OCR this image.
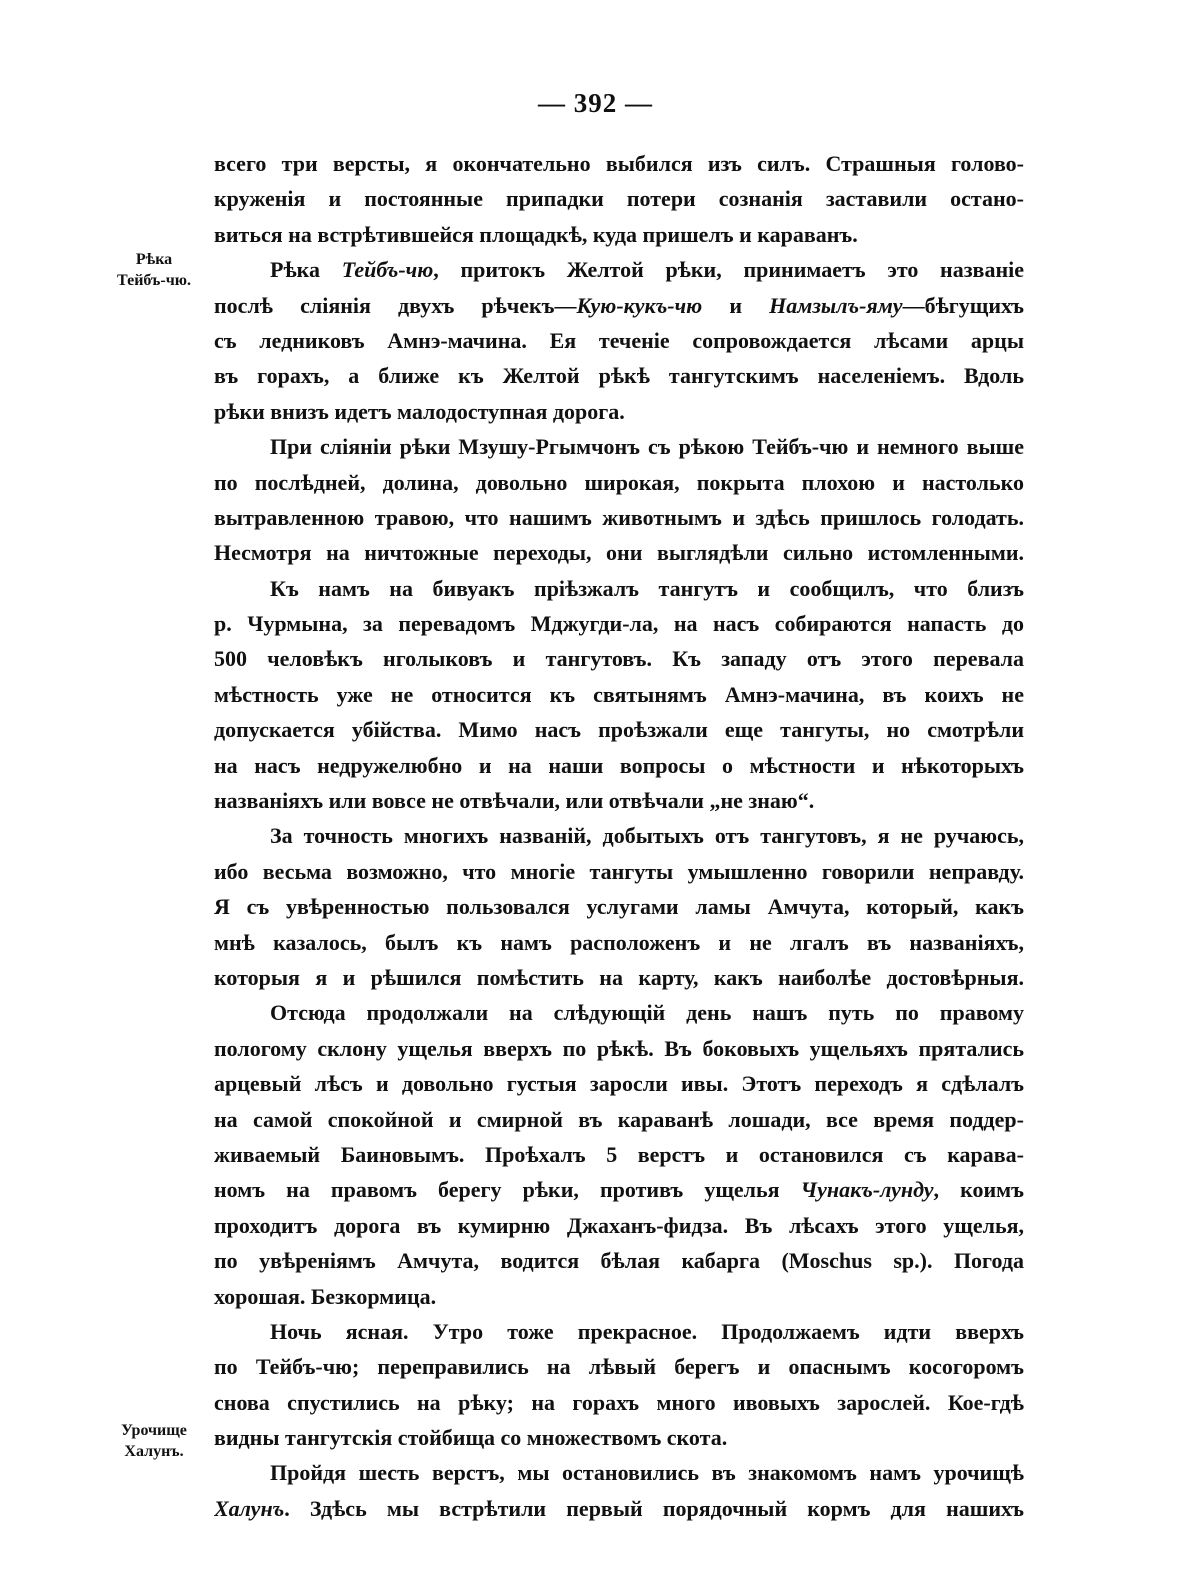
— 392 —
Рѣка
Тейбъ-чю.
Урочище
Халунъ.
всего три версты, я окончательно выбился изъ силъ. Страшныя голово-
круженія и постоянные припадки потери сознанія заставили остано-
виться на встрѣтившейся площадкѣ, куда пришелъ и караванъ.
Рѣка Тейбъ-чю, притокъ Желтой рѣки, принимаетъ это названіе
послѣ сліянія двухъ рѣчекъ—Кую-кукъ-чю и Намзылъ-яму—бѣгущихъ
съ ледниковъ Амнэ-мачина. Ея теченіе сопровождается лѣсами арцы
въ горахъ, а ближе къ Желтой рѣкѣ тангутскимъ населеніемъ. Вдоль
рѣки внизъ идетъ малодоступная дорога.
При сліяніи рѣки Мзушу-Ргымчонъ съ рѣкою Тейбъ-чю и немного выше
по послѣдней, долина, довольно широкая, покрыта плохою и настолько
вытравленною травою, что нашимъ животнымъ и здѣсь пришлось голодать.
Несмотря на ничтожные переходы, они выглядѣли сильно истомленными.
Къ намъ на бивуакъ пріѣзжалъ тангутъ и сообщилъ, что близъ
р. Чурмына, за перевадомъ Мджугди-ла, на насъ собираются напасть до
500 человѣкъ нголыковъ и тангутовъ. Къ западу отъ этого перевала
мѣстность уже не относится къ святынямъ Амнэ-мачина, въ коихъ не
допускается убійства. Мимо насъ проѣзжали еще тангуты, но смотрѣли
на насъ недружелюбно и на наши вопросы о мѣстности и нѣкоторыхъ
названіяхъ или вовсе не отвѣчали, или отвѣчали „не знаю“.
За точность многихъ названій, добытыхъ отъ тангутовъ, я не ручаюсь,
ибо весьма возможно, что многіе тангуты умышленно говорили неправду.
Я съ увѣренностью пользовался услугами ламы Амчута, который, какъ
мнѣ казалось, былъ къ намъ расположенъ и не лгалъ въ названіяхъ,
которыя я и рѣшился помѣстить на карту, какъ наиболѣе достовѣрныя.
Отсюда продолжали на слѣдующій день нашъ путь по правому
пологому склону ущелья вверхъ по рѣкѣ. Въ боковыхъ ущельяхъ прятались
арцевый лѣсъ и довольно густыя заросли ивы. Этотъ переходъ я сдѣлалъ
на самой спокойной и смирной въ караванѣ лошади, все время поддер-
живаемый Баиновымъ. Проѣхалъ 5 верстъ и остановился съ карава-
номъ на правомъ берегу рѣки, противъ ущелья Чунакъ-лунду, коимъ
проходитъ дорога въ кумирню Джаханъ-фидза. Въ лѣсахъ этого ущелья,
по увѣреніямъ Амчута, водится бѣлая кабарга (Moschus sp.). Погода
хорошая. Безкормица.
Ночь ясная. Утро тоже прекрасное. Продолжаемъ идти вверхъ
по Тейбъ-чю; переправились на лѣвый берегъ и опаснымъ косогоромъ
снова спустились на рѣку; на горахъ много ивовыхъ зарослей. Кое-гдѣ
видны тангутскія стойбища со множествомъ скота.
Пройдя шесть верстъ, мы остановились въ знакомомъ намъ урочищѣ
Халунъ. Здѣсь мы встрѣтили первый порядочный кормъ для нашихъ
